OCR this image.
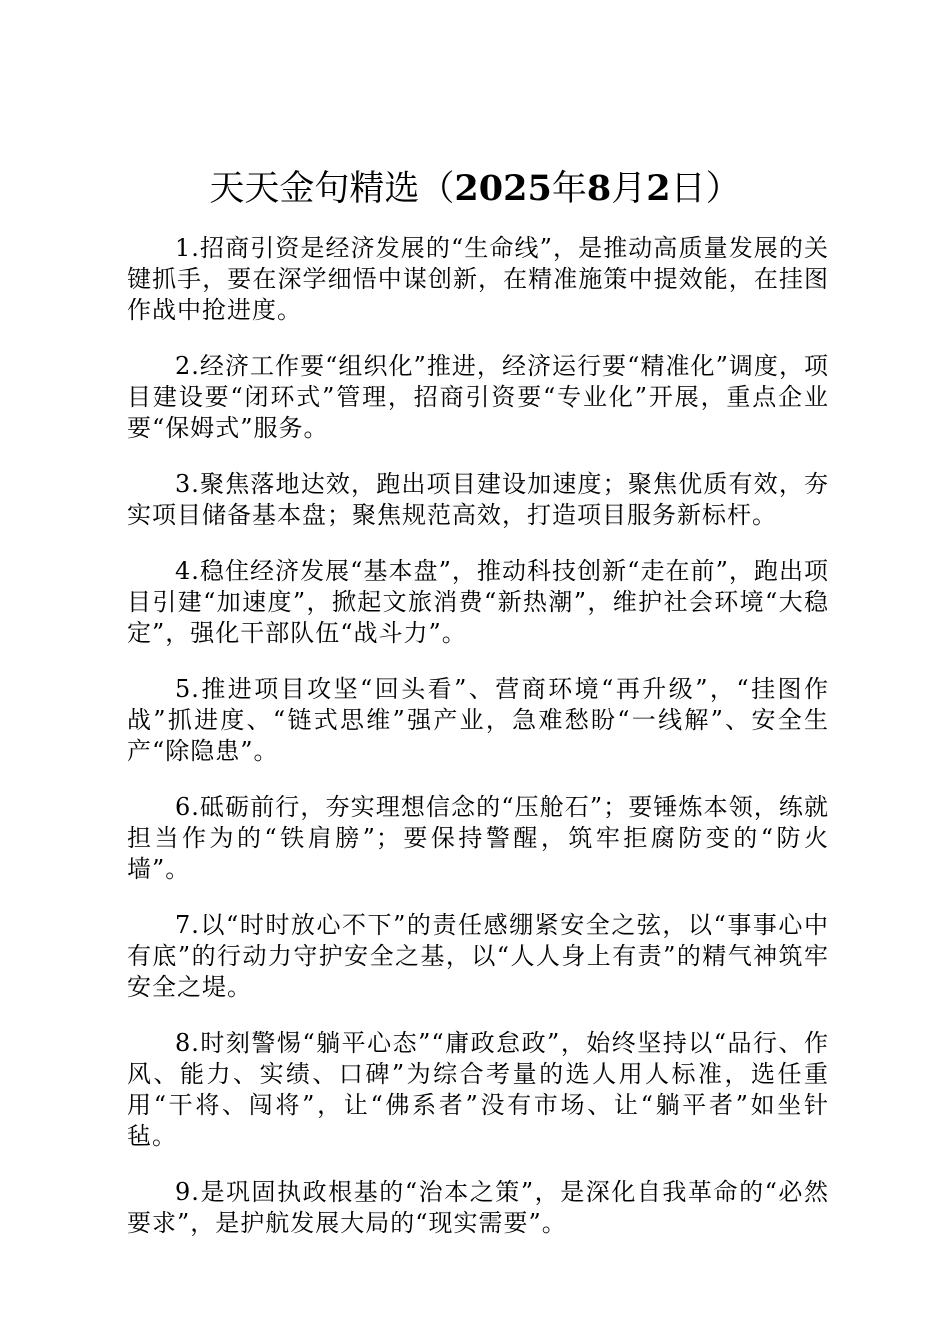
天天金句精选（2025年8月2日）

1.招商引资是经济发展的“生命线”，是推动高质量发展的关键抓手，要在深学细悟中谋创新，在精准施策中提效能，在挂图作战中抢进度。

2.经济工作要“组织化”推进，经济运行要“精准化”调度，项目建设要“闭环式”管理，招商引资要“专业化”开展，重点企业要“保姆式”服务。

3.聚焦落地达效，跑出项目建设加速度；聚焦优质有效，夯实项目储备基本盘；聚焦规范高效，打造项目服务新标杆。

4.稳住经济发展“基本盘”，推动科技创新“走在前”，跑出项目引建“加速度”，掀起文旅消费“新热潮”，维护社会环境“大稳定”，强化干部队伍“战斗力”。

5.推进项目攻坚“回头看”、营商环境“再升级”，“挂图作战”抓进度、“链式思维”强产业，急难愁盼“一线解”、安全生产“除隐患”。

6.砥砺前行，夯实理想信念的“压舱石”；要锤炼本领，练就担当作为的“铁肩膀”；要保持警醒，筑牢拒腐防变的“防火墙”。

7.以“时时放心不下”的责任感绷紧安全之弦，以“事事心中有底”的行动力守护安全之基，以“人人身上有责”的精气神筑牢安全之堤。

8.时刻警惕“躺平心态”“庸政怠政”，始终坚持以“品行、作风、能力、实绩、口碑”为综合考量的选人用人标准，选任重用“干将、闯将”，让“佛系者”没有市场、让“躺平者”如坐针毡。

9.是巩固执政根基的“治本之策”，是深化自我革命的“必然要求”，是护航发展大局的“现实需要”。
